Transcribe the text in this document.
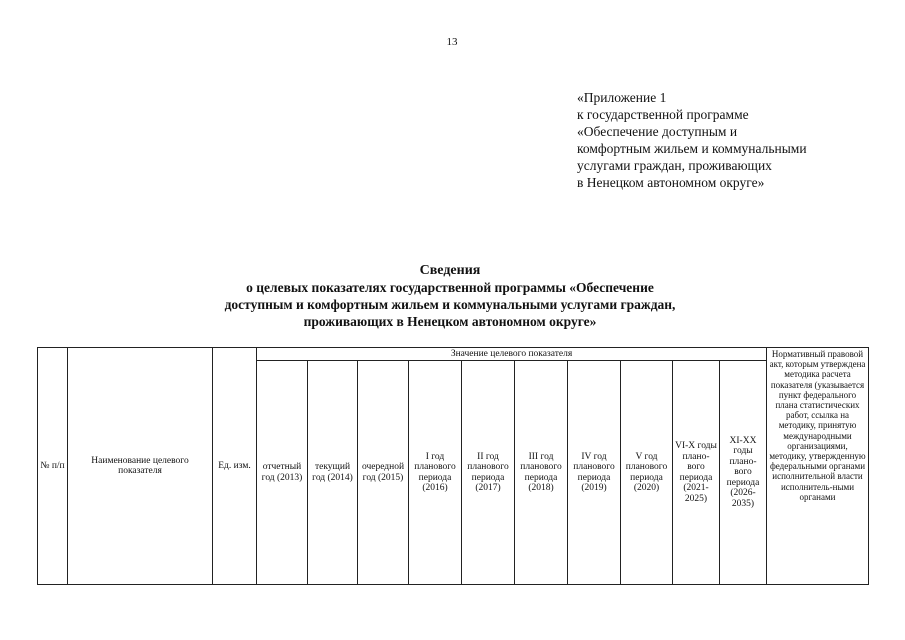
13
«Приложение 1
к государственной программе
«Обеспечение доступным и
комфортным жильем и коммунальными
услугами граждан, проживающих
в Ненецком автономном округе»
Сведения
о целевых показателях государственной программы «Обеспечение
доступным и комфортным жильем и коммунальными услугами граждан,
проживающих в Ненецком автономном округе»
№ п/п	Наименование целевого показателя	Ед. изм.	Значение целевого показателя										Нормативный правовой акт, которым утверждена методика расчета показателя (указывается пункт федерального плана статистических работ, ссылка на методику, принятую международными организациями, методику, утвержденную федеральными органами исполнительной власти исполнитель-ными органами
			отчетный год (2013)	текущий год (2014)	очередной год (2015)	I год планового периода (2016)	II год планового периода (2017)	III год планового периода (2018)	IV год планового периода (2019)	V год планового периода (2020)	VI-X годы плано-вого периода (2021-2025)	XI-XX годы плано-вого периода (2026-2035)	
